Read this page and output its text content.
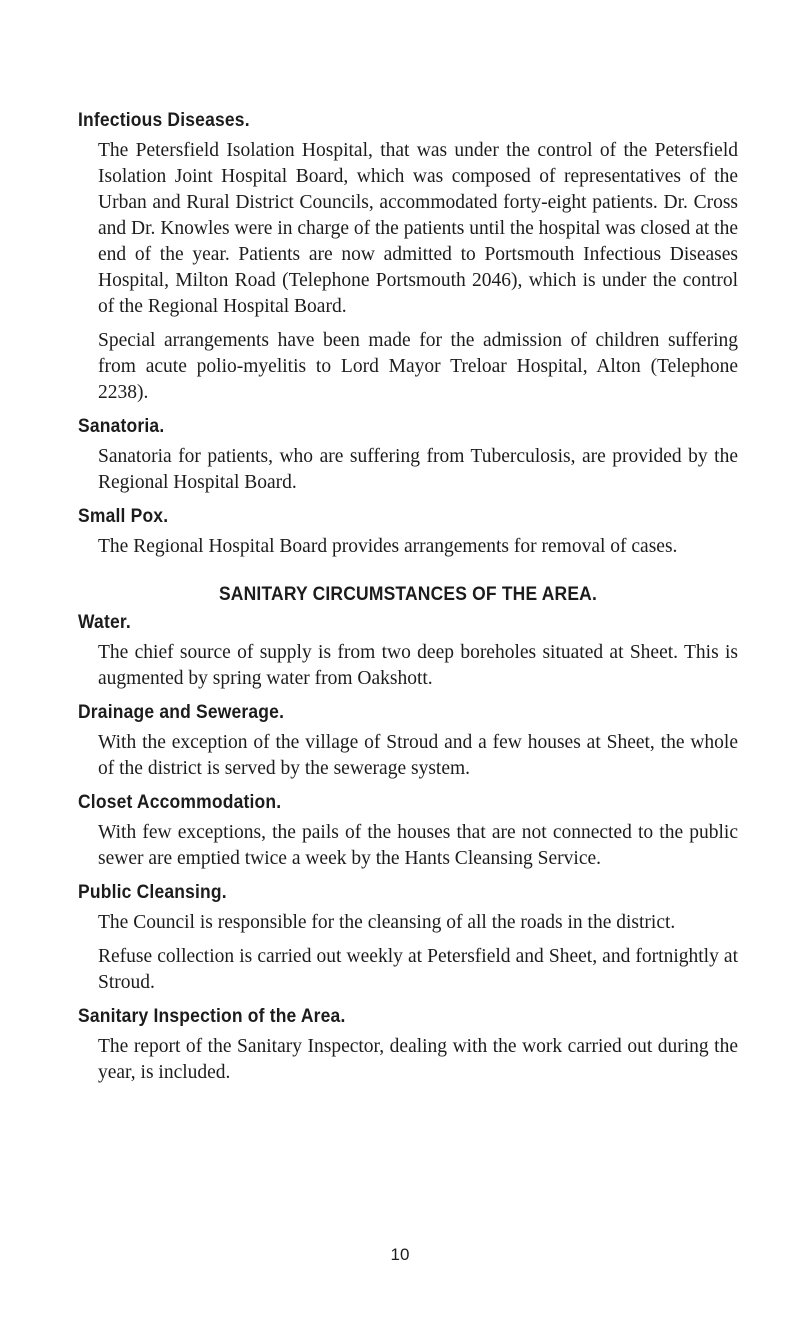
Infectious Diseases.

The Petersfield Isolation Hospital, that was under the control of the Petersfield Isolation Joint Hospital Board, which was composed of representatives of the Urban and Rural District Councils, accommodated forty-eight patients. Dr. Cross and Dr. Knowles were in charge of the patients until the hospital was closed at the end of the year. Patients are now admitted to Portsmouth Infectious Diseases Hospital, Milton Road (Telephone Portsmouth 2046), which is under the control of the Regional Hospital Board.

Special arrangements have been made for the admission of children suffering from acute polio-myelitis to Lord Mayor Treloar Hospital, Alton (Telephone 2238).

Sanatoria.

Sanatoria for patients, who are suffering from Tuberculosis, are provided by the Regional Hospital Board.

Small Pox.

The Regional Hospital Board provides arrangements for removal of cases.

SANITARY CIRCUMSTANCES OF THE AREA.
Water.

The chief source of supply is from two deep boreholes situated at Sheet. This is augmented by spring water from Oakshott.

Drainage and Sewerage.

With the exception of the village of Stroud and a few houses at Sheet, the whole of the district is served by the sewerage system.

Closet Accommodation.

With few exceptions, the pails of the houses that are not connected to the public sewer are emptied twice a week by the Hants Cleansing Service.

Public Cleansing.

The Council is responsible for the cleansing of all the roads in the district.

Refuse collection is carried out weekly at Petersfield and Sheet, and fortnightly at Stroud.

Sanitary Inspection of the Area.

The report of the Sanitary Inspector, dealing with the work carried out during the year, is included.

10
